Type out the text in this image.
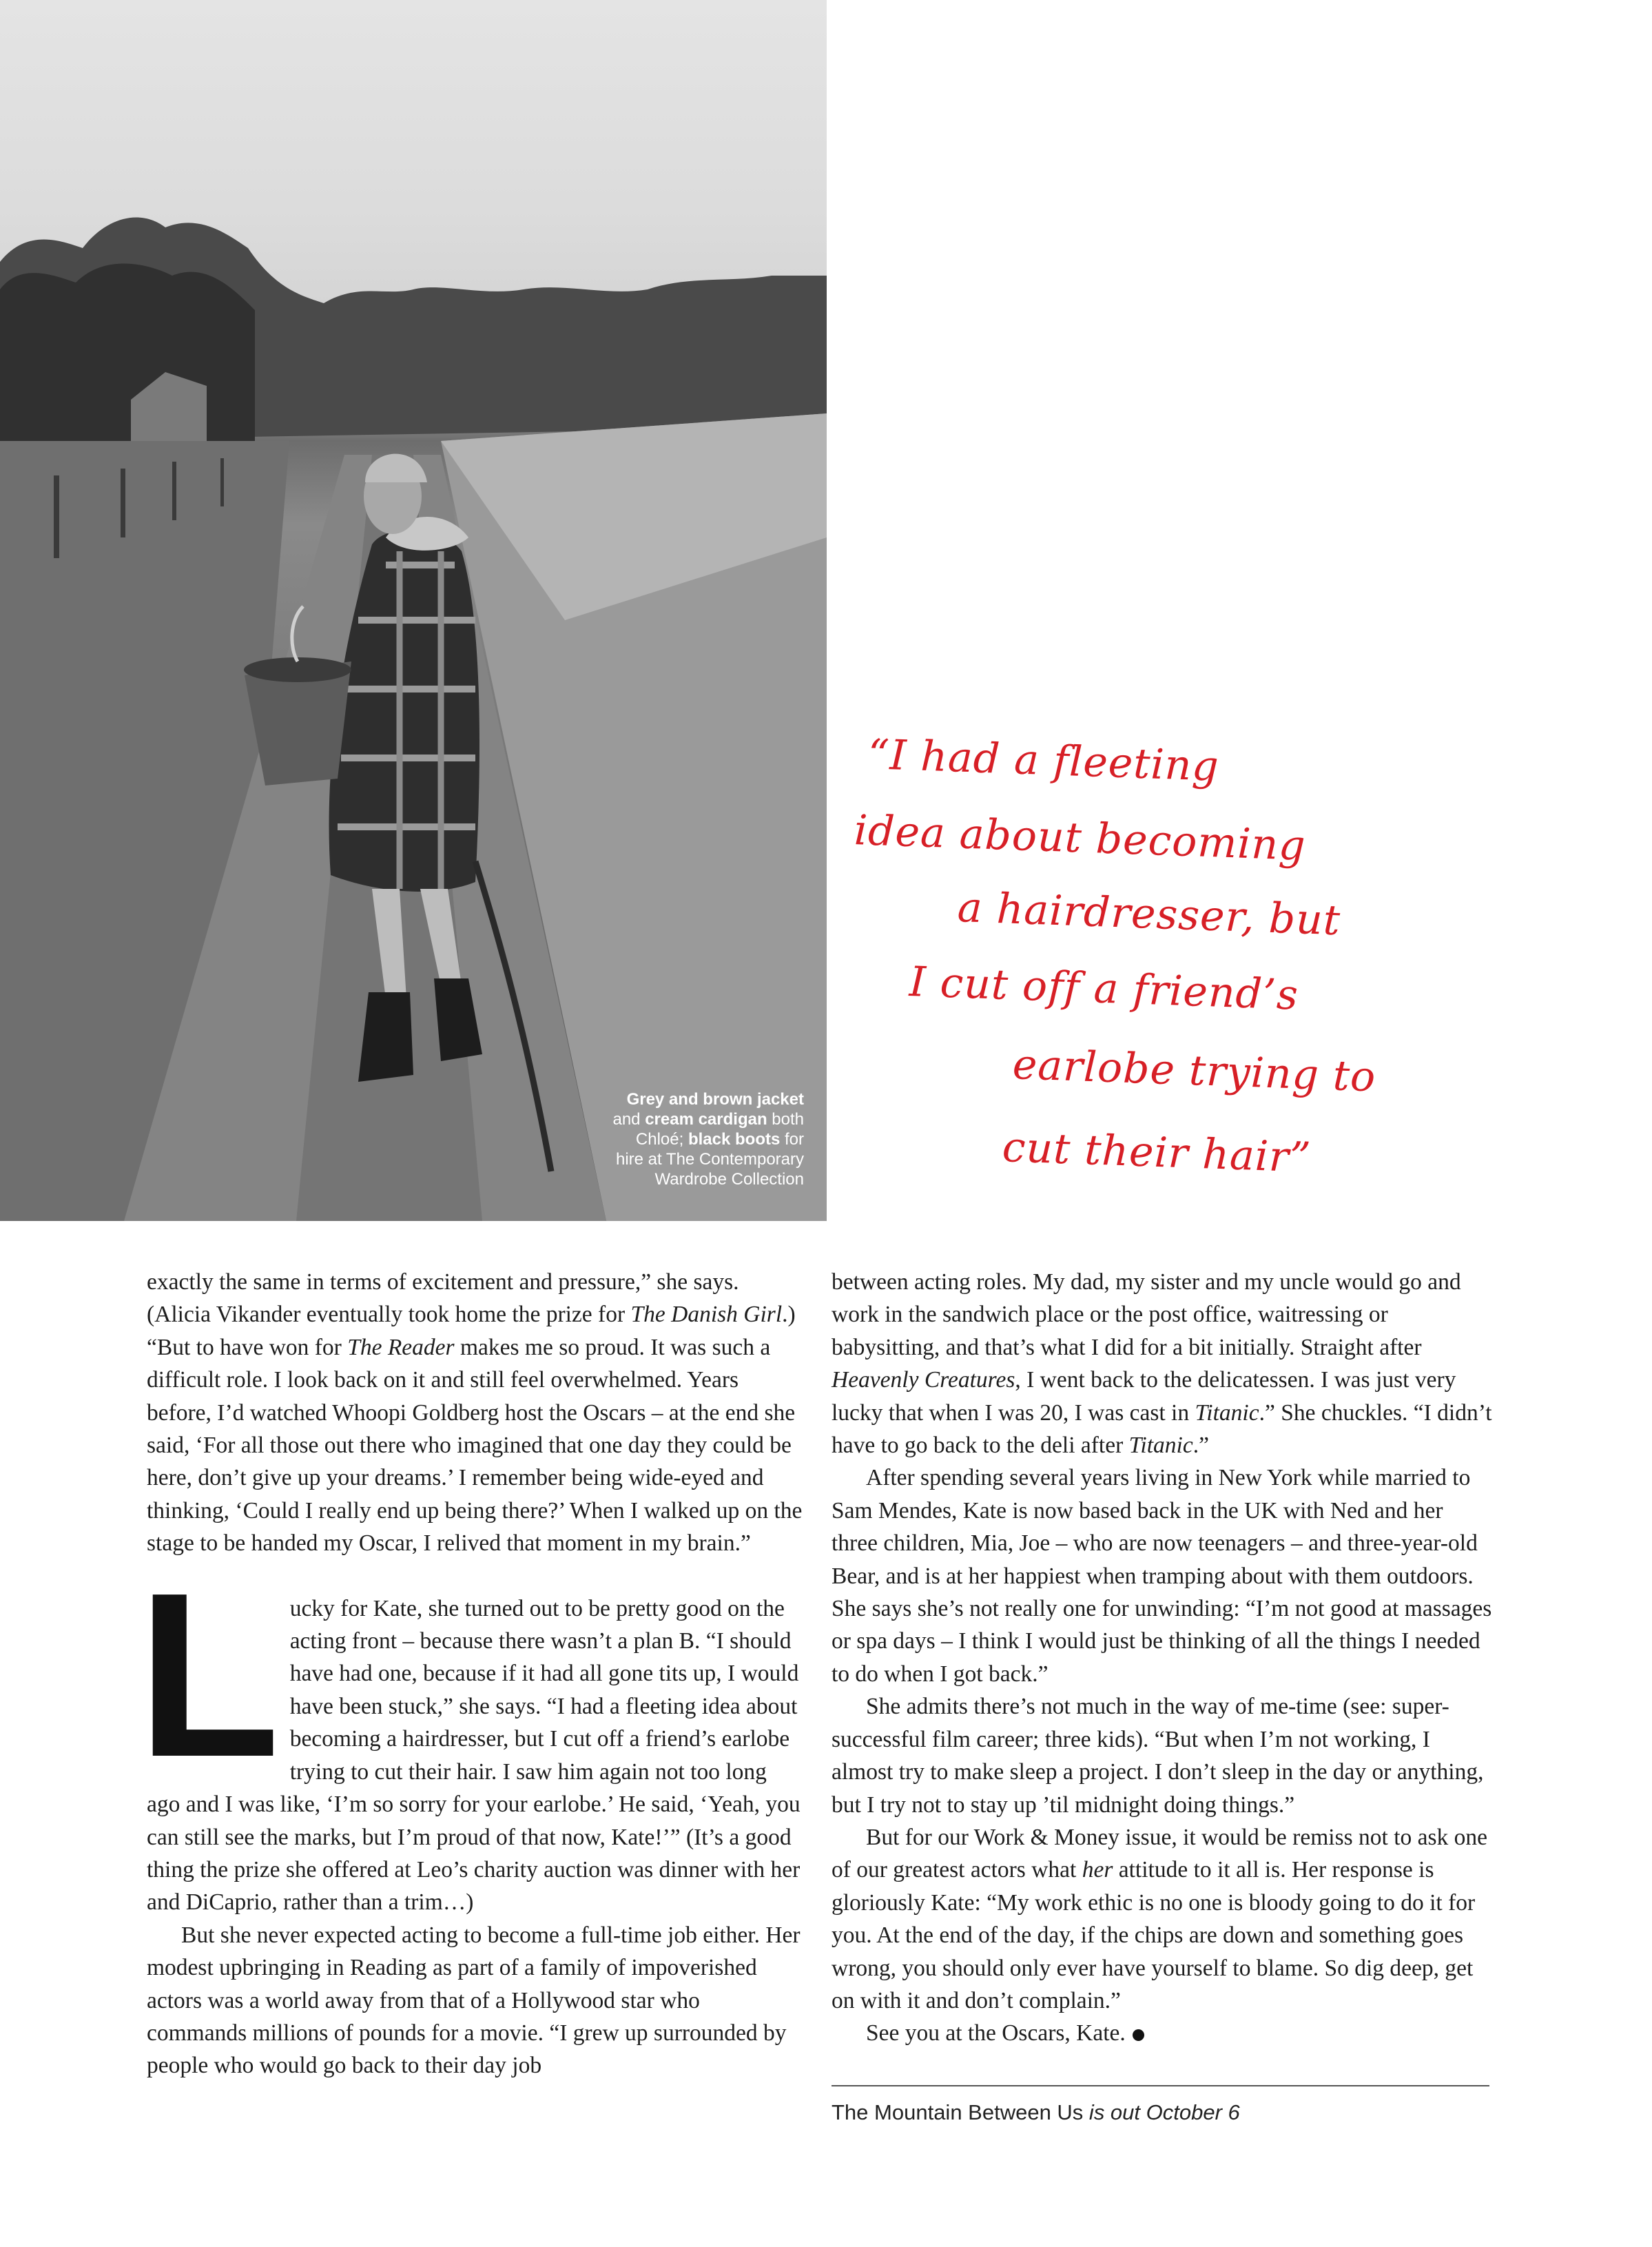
Grey and brown jacket
and cream cardigan both
Chloé; black boots for
hire at The Contemporary
Wardrobe Collection
“I had a fleeting
idea about becoming
a hairdresser, but
I cut off a friend’s
earlobe trying to
cut their hair”

exactly the same in terms of excitement and pressure,” she says. (Alicia Vikander eventually took home the prize for The Danish Girl.) “But to have won for The Reader makes me so proud. It was such a difficult role. I look back on it and still feel overwhelmed. Years before, I’d watched Whoopi Goldberg host the Oscars – at the end she said, ‘For all those out there who imagined that one day they could be here, don’t give up your dreams.’ I remember being wide-eyed and thinking, ‘Could I really end up being there?’ When I walked up on the stage to be handed my Oscar, I relived that moment in my brain.”

L ucky for Kate, she turned out to be pretty good on the acting front – because there wasn’t a plan B. “I should have had one, because if it had all gone tits up, I would have been stuck,” she says. “I had a fleeting idea about becoming a hairdresser, but I cut off a friend’s earlobe trying to cut their hair. I saw him again not too long ago and I was like, ‘I’m so sorry for your earlobe.’ He said, ‘Yeah, you can still see the marks, but I’m proud of that now, Kate!’” (It’s a good thing the prize she offered at Leo’s charity auction was dinner with her and DiCaprio, rather than a trim…)

But she never expected acting to become a full-time job either. Her modest upbringing in Reading as part of a family of impoverished actors was a world away from that of a Hollywood star who commands millions of pounds for a movie. “I grew up surrounded by people who would go back to their day job

between acting roles. My dad, my sister and my uncle would go and work in the sandwich place or the post office, waitressing or babysitting, and that’s what I did for a bit initially. Straight after Heavenly Creatures, I went back to the delicatessen. I was just very lucky that when I was 20, I was cast in Titanic.” She chuckles. “I didn’t have to go back to the deli after Titanic.”

After spending several years living in New York while married to Sam Mendes, Kate is now based back in the UK with Ned and her three children, Mia, Joe – who are now teenagers – and three-year-old Bear, and is at her happiest when tramping about with them outdoors. She says she’s not really one for unwinding: “I’m not good at massages or spa days – I think I would just be thinking of all the things I needed to do when I got back.”

She admits there’s not much in the way of me-time (see: super-successful film career; three kids). “But when I’m not working, I almost try to make sleep a project. I don’t sleep in the day or anything, but I try not to stay up ’til midnight doing things.”

But for our Work & Money issue, it would be remiss not to ask one of our greatest actors what her attitude to it all is. Her response is gloriously Kate: “My work ethic is no one is bloody going to do it for you. At the end of the day, if the chips are down and something goes wrong, you should only ever have yourself to blame. So dig deep, get on with it and don’t complain.”

See you at the Oscars, Kate.

The Mountain Between Us is out October 6
